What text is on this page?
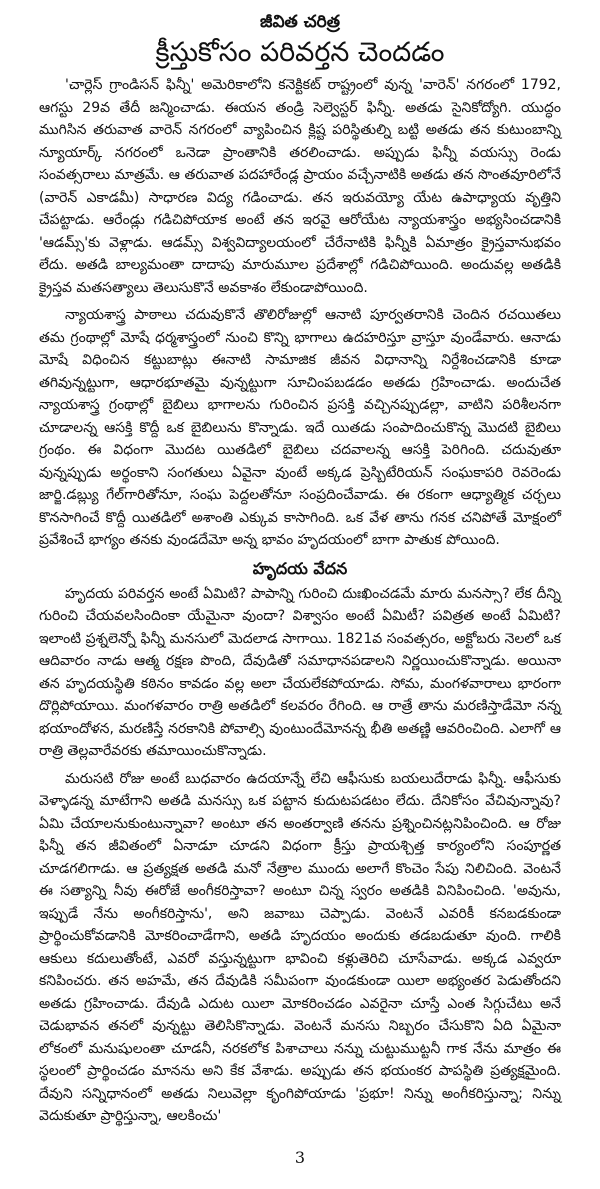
జీవిత చరిత్ర
క్రీస్తుకోసం పరివర్తన చెందడం

'చార్లెస్ గ్రాండిసన్ ఫిన్నీ' అమెరికాలోని కనెక్టికట్ రాష్ట్రంలో వున్న 'వారెన్' నగరంలో 1792, ఆగస్టు 29వ తేదీ జన్మించాడు. ఈయన తండ్రి సెల్వెస్టర్ ఫిన్నీ. అతడు సైనికోద్యోగి. యుద్ధం ముగిసిన తరువాత వారెన్ నగరంలో వ్యాపించిన క్లిష్ట పరిస్థితుల్ని బట్టి అతడు తన కుటుంబాన్ని న్యూయార్క్ నగరంలో ఒనెడా ప్రాంతానికి తరలించాడు. అప్పుడు ఫిన్నీ వయస్సు రెండు సంవత్సరాలు మాత్రమే. ఆ తరువాత పదహారేండ్ల ప్రాయం వచ్చేనాటికి అతడు తన సొంతవూరిలోనే (వారెన్ ఎకాడమీ) సాధారణ విద్య గడించాడు. తన ఇరువయ్యో యేట ఉపాధ్యాయ వృత్తిని చేపట్టాడు. ఆరేండ్లు గడిచిపోయాక అంటే తన ఇరవై ఆరోయేట న్యాయశాస్త్రం అభ్యసించడానికి 'ఆడమ్స్'కు వెళ్లాడు. ఆడమ్స్ విశ్వవిద్యాలయంలో చేరేనాటికి ఫిన్నీకి ఏమాత్రం క్రైస్తవానుభవం లేదు. అతడి బాల్యమంతా దాదాపు మారుమూల ప్రదేశాల్లో గడిచిపోయింది. అందువల్ల అతడికి క్రైస్తవ మతసత్యాలు తెలుసుకొనే అవకాశం లేకుండాపోయింది.

న్యాయశాస్త్ర పాఠాలు చదువుకొనే తొలిరోజుల్లో ఆనాటి పూర్వతరానికి చెందిన రచయితలు తమ గ్రంథాల్లో మోషే ధర్మశాస్త్రంలో నుంచి కొన్ని భాగాలు ఉదహరిస్తూ వ్రాస్తూ వుండేవారు. ఆనాడు మోషే విధించిన కట్టుబాట్లు ఈనాటి సామాజిక జీవన విధానాన్ని నిర్దేశించడానికి కూడా తగివున్నట్టుగా, ఆధారభూతమై వున్నట్టుగా సూచింపబడడం అతడు గ్రహించాడు. అందుచేత న్యాయశాస్త్ర గ్రంథాల్లో బైబిలు భాగాలను గురించిన ప్రసక్తి వచ్చినప్పుడల్లా, వాటిని పరిశీలనగా చూడాలన్న ఆసక్తి కొద్దీ ఒక బైబిలును కొన్నాడు. ఇదే యితడు సంపాదించుకొన్న మొదటి బైబిలు గ్రంథం. ఈ విధంగా మొదట యితడిలో బైబిలు చదవాలన్న ఆసక్తి పెరిగింది. చదువుతూ వున్నప్పుడు అర్థంకాని సంగతులు ఏవైనా వుంటే అక్కడ ప్రెస్బిటేరియన్ సంఘకాపరి రెవరెండు జార్జి.డబ్ల్యు గేల్‌గారితోనూ, సంఘ పెద్దలతోనూ సంప్రదించేవాడు. ఈ రకంగా ఆధ్యాత్మిక చర్చలు కొనసాగించే కొద్దీ యితడిలో అశాంతి ఎక్కువ కాసాగింది. ఒక వేళ తాను గనక చనిపోతే మోక్షంలో ప్రవేశించే భాగ్యం తనకు వుండదేమో అన్న భావం హృదయంలో బాగా పాతుక పోయింది.

హృదయ వేదన

హృదయ పరివర్తన అంటే ఏమిటి? పాపాన్ని గురించి దుఃఖించడమే మారు మనస్సా? లేక దీన్ని గురించి చేయవలసిందింకా యేమైనా వుందా? విశ్వాసం అంటే ఏమిటీ? పవిత్రత అంటే ఏమిటి? ఇలాంటి ప్రశ్నలెన్నో ఫిన్నీ మనసులో మెదలాడ సాగాయి. 1821వ సంవత్సరం, అక్టోబరు నెలలో ఒక ఆదివారం నాడు ఆత్మ రక్షణ పొంది, దేవుడితో సమాధానపడాలని నిర్ణయించుకొన్నాడు. అయినా తన హృదయస్థితి కఠినం కావడం వల్ల అలా చేయలేకపోయాడు. సోమ, మంగళవారాలు భారంగా దొర్లిపోయాయి. మంగళవారం రాత్రి అతడిలో కలవరం రేగింది. ఆ రాత్రే తాను మరణిస్తాడేమో నన్న భయాందోళన, మరణిస్తే నరకానికి పోవాల్సి వుంటుందేమోనన్న భీతి అతణ్ణి ఆవరించింది. ఎలాగో ఆ రాత్రి తెల్లవారేవరకు తమాయించుకొన్నాడు.

మరుసటి రోజు అంటే బుధవారం ఉదయాన్నే లేచి ఆఫీసుకు బయలుదేరాడు ఫిన్నీ. ఆఫీసుకు వెళ్ళాడన్న మాటేగాని అతడి మనస్సు ఒక పట్టాన కుదుటపడటం లేదు. దేనికోసం వేచివున్నావు? ఏమి చేయాలనుకుంటున్నావా? అంటూ తన అంతర్వాణి తనను ప్రశ్నించినట్లనిపించింది. ఆ రోజు ఫిన్నీ తన జీవితంలో ఏనాడూ చూడని విధంగా క్రీస్తు ప్రాయశ్చిత్త కార్యంలోని సంపూర్ణత చూడగలిగాడు. ఆ ప్రత్యక్షత అతడి మనో నేత్రాల ముందు అలాగే కొంచెం సేపు నిలిచింది. వెంటనే ఈ సత్యాన్ని నీవు ఈరోజే అంగీకరిస్తావా? అంటూ చిన్న స్వరం అతడికి వినిపించింది. 'అవును, ఇప్పుడే నేను అంగీకరిస్తాను', అని జవాబు చెప్పాడు. వెంటనే ఎవరికీ కనబడకుండా ప్రార్థించుకోవడానికి మోకరించాడేగాని, అతడి హృదయం అందుకు తడబడుతూ వుంది. గాలికి ఆకులు కదులుతోంటే, ఎవరో వస్తున్నట్టుగా భావించి కళ్లుతెరిచి చూసేవాడు. అక్కడ ఎవ్వరూ కనిపించరు. తన అహమే, తన దేవుడికి సమీపంగా వుండకుండా యిలా అభ్యంతర పెడుతోందని అతడు గ్రహించాడు. దేవుడి ఎదుట యిలా మోకరించడం ఎవరైనా చూస్తే ఎంత సిగ్గుచేటు అనే చెడుభావన తనలో వున్నట్టు తెలిసికొన్నాడు. వెంటనే మనసు నిబ్బరం చేసుకొని ఏది ఏమైనా లోకంలో మనుషులంతా చూడనీ, నరకలోక పిశాచాలు నన్ను చుట్టుముట్టనీ గాక నేను మాత్రం ఈ స్థలంలో ప్రార్థించడం మానను అని కేక వేశాడు. అప్పుడు తన భయంకర పాపస్థితి ప్రత్యక్షమైంది. దేవుని సన్నిధానంలో అతడు నిలువెల్లా కృంగిపోయాడు 'ప్రభూ! నిన్ను అంగీకరిస్తున్నా; నిన్ను వెదుకుతూ ప్రార్థిస్తున్నా, ఆలకించు'

3
